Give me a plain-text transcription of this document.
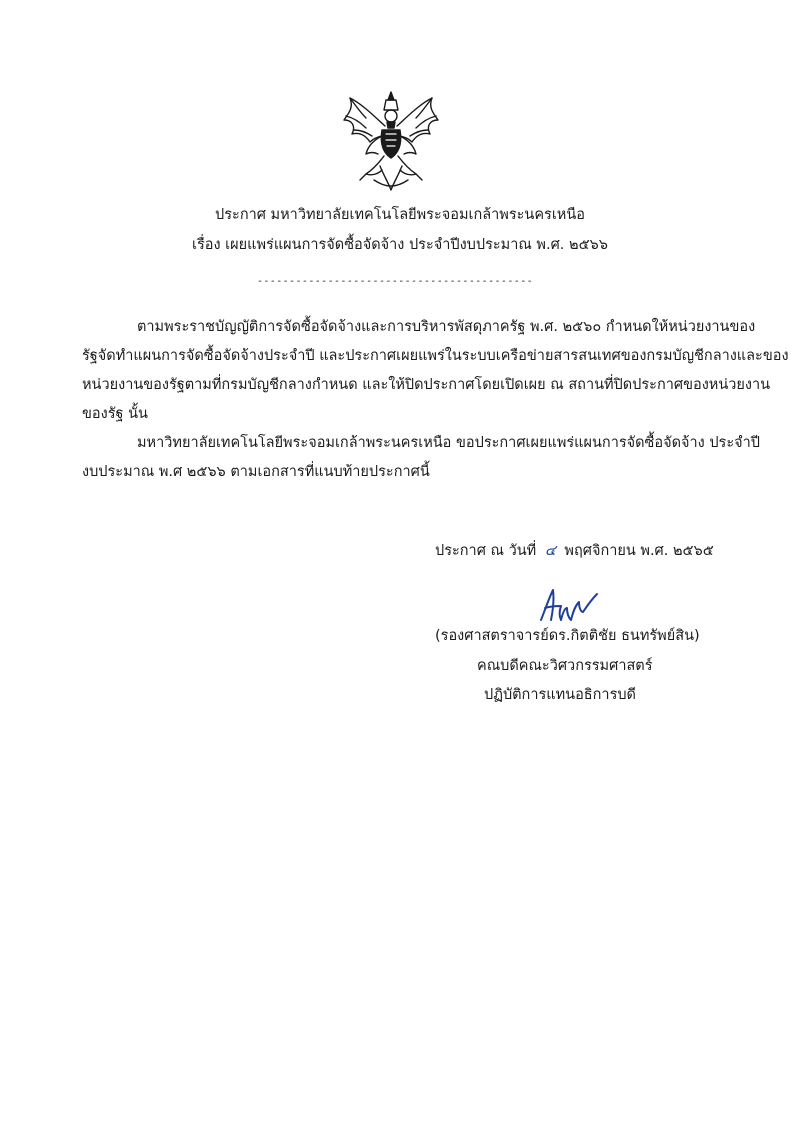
ประกาศ มหาวิทยาลัยเทคโนโลยีพระจอมเกล้าพระนครเหนือ
เรื่อง เผยแพร่แผนการจัดซื้อจัดจ้าง ประจำปีงบประมาณ พ.ศ. ๒๕๖๖
-------------------------------------------
ตามพระราชบัญญัติการจัดซื้อจัดจ้างและการบริหารพัสดุภาครัฐ พ.ศ. ๒๕๖๐ กำหนดให้หน่วยงานของ
รัฐจัดทำแผนการจัดซื้อจัดจ้างประจำปี และประกาศเผยแพร่ในระบบเครือข่ายสารสนเทศของกรมบัญชีกลางและของ
หน่วยงานของรัฐตามที่กรมบัญชีกลางกำหนด และให้ปิดประกาศโดยเปิดเผย ณ สถานที่ปิดประกาศของหน่วยงาน
ของรัฐ นั้น
มหาวิทยาลัยเทคโนโลยีพระจอมเกล้าพระนครเหนือ ขอประกาศเผยแพร่แผนการจัดซื้อจัดจ้าง ประจำปี
งบประมาณ พ.ศ ๒๕๖๖ ตามเอกสารที่แนบท้ายประกาศนี้
ประกาศ ณ วันที่ ๔ พฤศจิกายน พ.ศ. ๒๕๖๕
(รองศาสตราจารย์ดร.กิตติชัย ธนทรัพย์สิน)
คณบดีคณะวิศวกรรมศาสตร์
ปฏิบัติการแทนอธิการบดี
